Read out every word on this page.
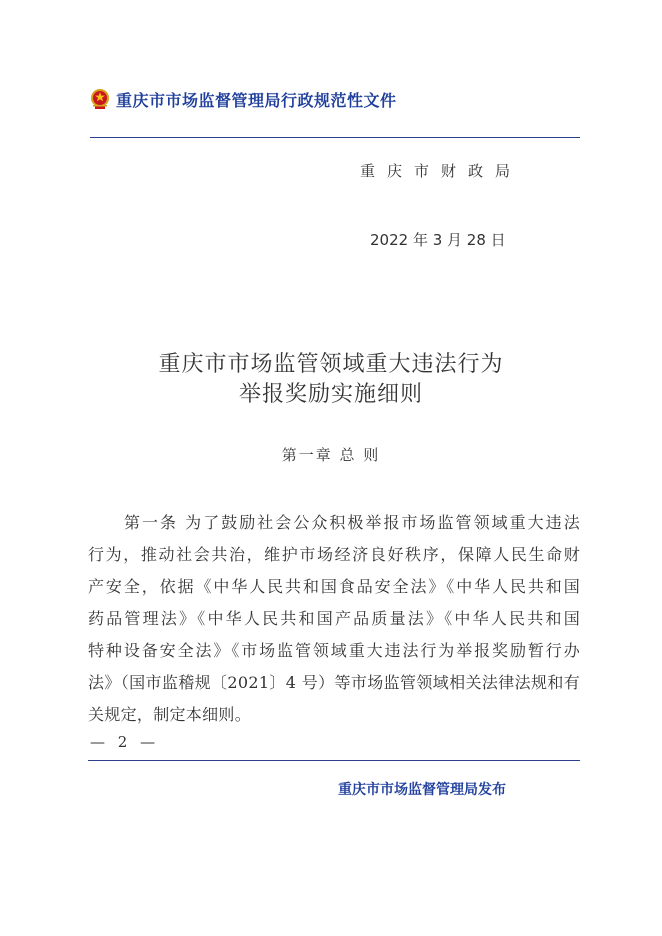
重庆市市场监督管理局行政规范性文件
重庆市财政局
2022 年 3 月 28 日
重庆市市场监管领域重大违法行为
举报奖励实施细则
第一章 总 则
第一条 为了鼓励社会公众积极举报市场监管领域重大违法
行为，推动社会共治，维护市场经济良好秩序，保障人民生命财
产安全，依据《中华人民共和国食品安全法》《中华人民共和国
药品管理法》《中华人民共和国产品质量法》《中华人民共和国
特种设备安全法》《市场监管领域重大违法行为举报奖励暂行办
法》（国市监稽规〔2021〕4 号）等市场监管领域相关法律法规和有
关规定，制定本细则。
— 2 —
重庆市市场监督管理局发布
